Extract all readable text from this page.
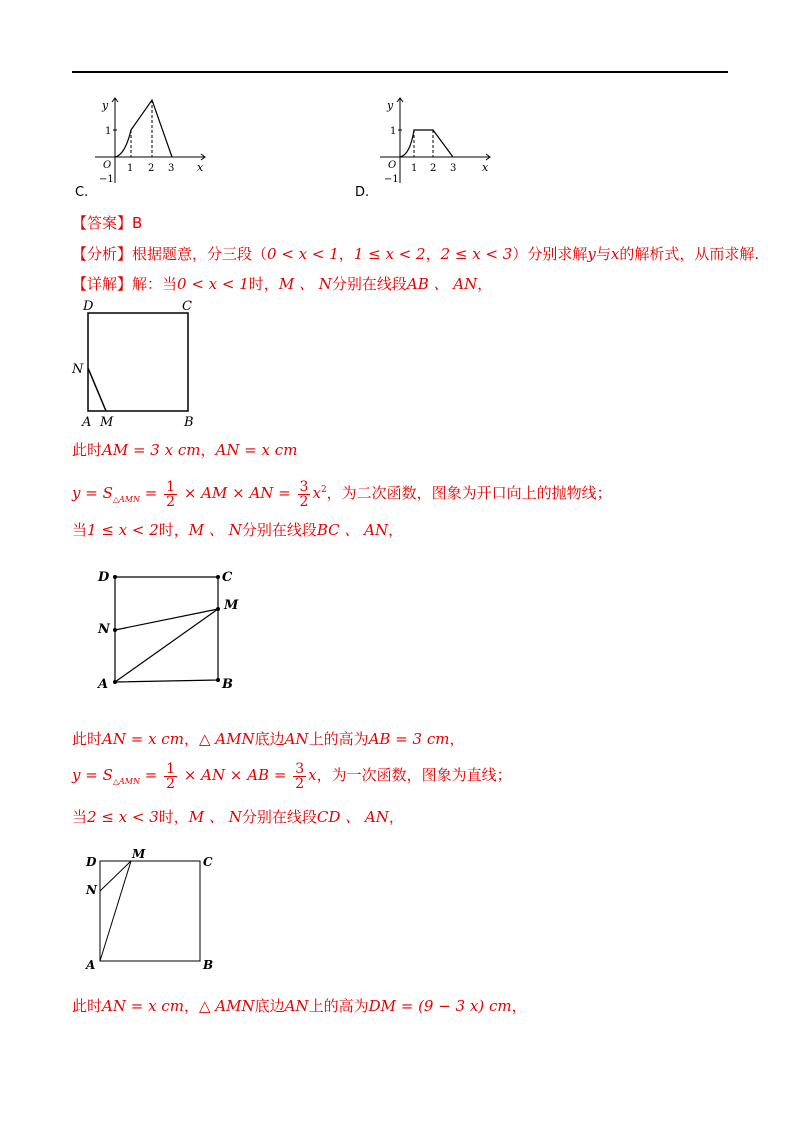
y
x
O 1 2 3
1
−1
C.
y
x
O 1 2 3
1
−1
D.
【答案】B
【分析】根据题意，分三段（0 < x < 1，1 ≤ x < 2，2 ≤ x < 3）分别求解y与x的解析式，从而求解.
【详解】解：当0 < x < 1时，M 、 N分别在线段AB 、 AN，
D	C
N
A M	B
此时AM = 3 x cm，AN = x cm
$y = S_{\triangle AMN} = \frac{1}{2}$ × AM × AN = $\frac{3}{2} x^2$，为二次函数，图象为开口向上的抛物线；
当1 ≤ x < 2时，M 、 N分别在线段BC 、 AN，
D	C
M
N
A	B
此时AN = x cm，△ AMN底边AN上的高为AB = 3 cm，
$y = S_{\triangle AMN} = \frac{1}{2}$ × AN × AB = $\frac{3}{2}$ x，为一次函数，图象为直线；
当2 ≤ x < 3时，M 、 N分别在线段CD 、 AN，
D
M
C
N
A	B
此时AN = x cm，△ AMN底边AN上的高为DM = (9 − 3 x) cm，
